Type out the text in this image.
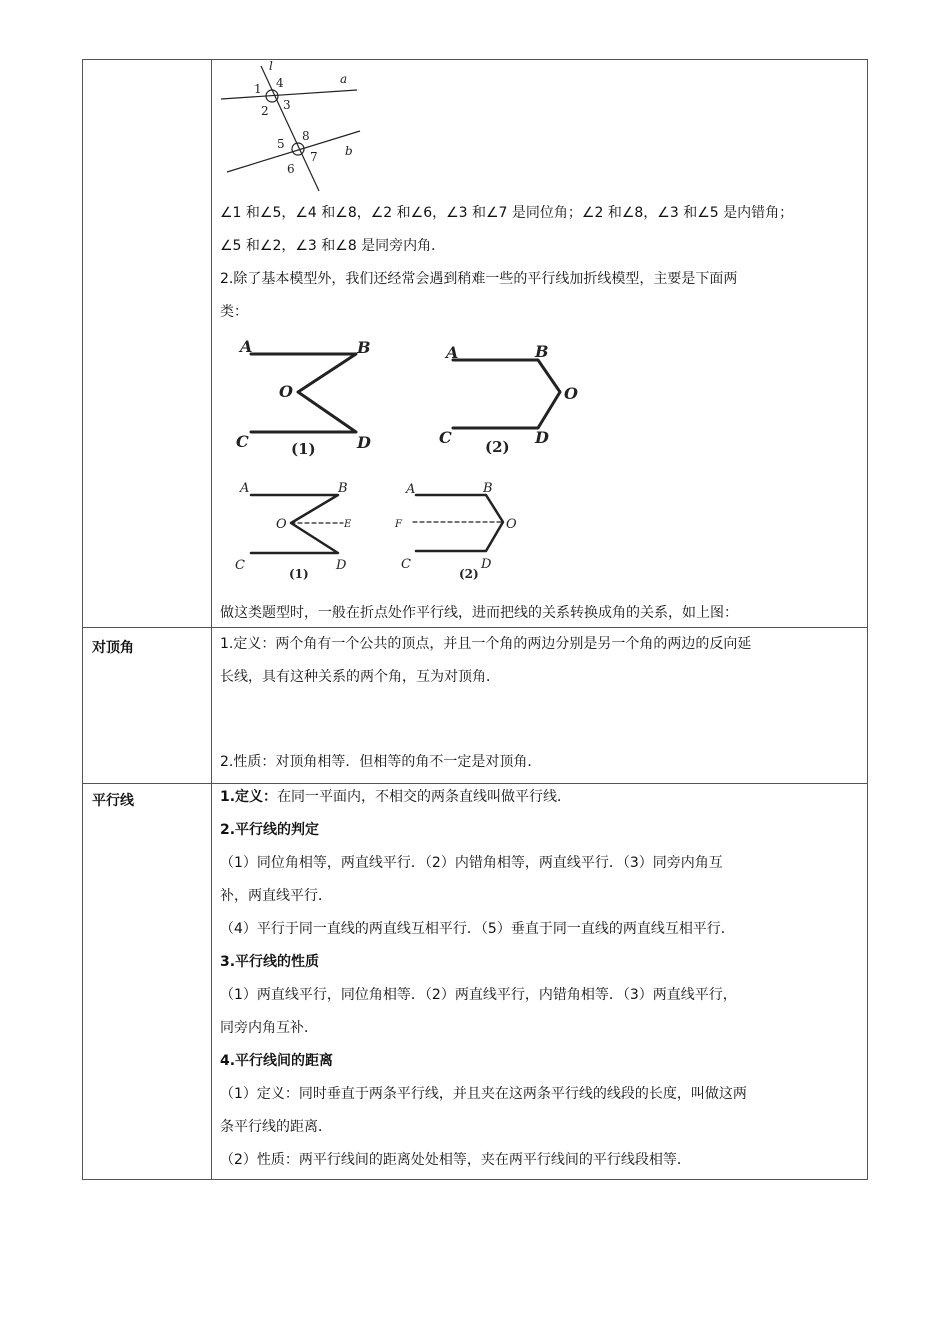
l
a
b
1 4
2 3
5
8
6
7

∠1 和∠5，∠4 和∠8，∠2 和∠6，∠3 和∠7 是同位角；∠2 和∠8，∠3 和∠5 是内错角；

∠5 和∠2，∠3 和∠8 是同旁内角．

2.除了基本模型外，我们还经常会遇到稍难一些的平行线加折线模型，主要是下面两

类：

A	B
O
C	D
A	B
O
C	D
(1)	(2)
A	B
O	E
C	D
A	B
O
F
C	D
(1)	(2)

做这类题型时，一般在折点处作平行线，进而把线的关系转换成角的关系，如上图：

对顶角	1.定义：两个角有一个公共的顶点，并且一个角的两边分别是另一个角的两边的反向延

长线，具有这种关系的两个角，互为对顶角．

2.性质：对顶角相等．但相等的角不一定是对顶角．

平行线	1.定义：在同一平面内，不相交的两条直线叫做平行线．

2.平行线的判定

（1）同位角相等，两直线平行．（2）内错角相等，两直线平行．（3）同旁内角互

补，两直线平行．

（4）平行于同一直线的两直线互相平行．（5）垂直于同一直线的两直线互相平行．

3.平行线的性质

（1）两直线平行，同位角相等．（2）两直线平行，内错角相等．（3）两直线平行，

同旁内角互补．

4.平行线间的距离

（1）定义：同时垂直于两条平行线，并且夹在这两条平行线的线段的长度，叫做这两

条平行线的距离．

（2）性质：两平行线间的距离处处相等，夹在两平行线间的平行线段相等．
